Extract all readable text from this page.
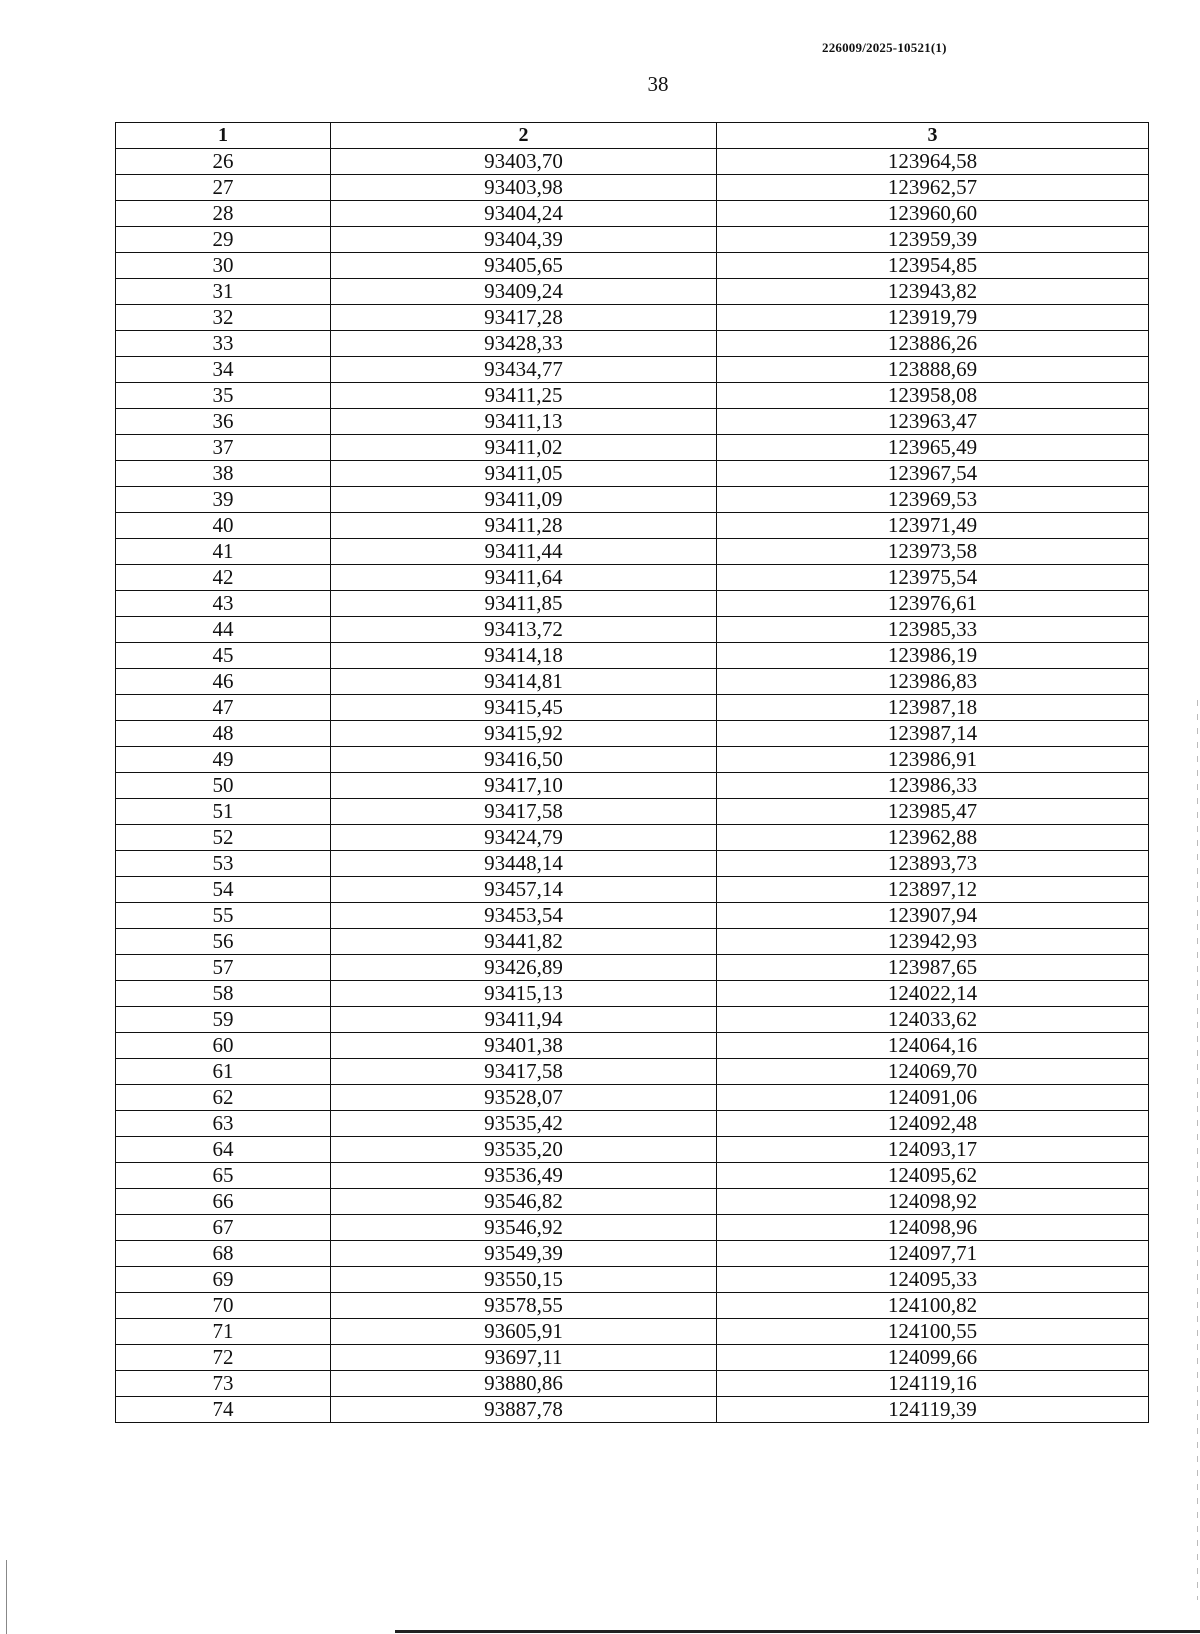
226009/2025-10521(1)
38
1	2	3
26	93403,70	123964,58
27	93403,98	123962,57
28	93404,24	123960,60
29	93404,39	123959,39
30	93405,65	123954,85
31	93409,24	123943,82
32	93417,28	123919,79
33	93428,33	123886,26
34	93434,77	123888,69
35	93411,25	123958,08
36	93411,13	123963,47
37	93411,02	123965,49
38	93411,05	123967,54
39	93411,09	123969,53
40	93411,28	123971,49
41	93411,44	123973,58
42	93411,64	123975,54
43	93411,85	123976,61
44	93413,72	123985,33
45	93414,18	123986,19
46	93414,81	123986,83
47	93415,45	123987,18
48	93415,92	123987,14
49	93416,50	123986,91
50	93417,10	123986,33
51	93417,58	123985,47
52	93424,79	123962,88
53	93448,14	123893,73
54	93457,14	123897,12
55	93453,54	123907,94
56	93441,82	123942,93
57	93426,89	123987,65
58	93415,13	124022,14
59	93411,94	124033,62
60	93401,38	124064,16
61	93417,58	124069,70
62	93528,07	124091,06
63	93535,42	124092,48
64	93535,20	124093,17
65	93536,49	124095,62
66	93546,82	124098,92
67	93546,92	124098,96
68	93549,39	124097,71
69	93550,15	124095,33
70	93578,55	124100,82
71	93605,91	124100,55
72	93697,11	124099,66
73	93880,86	124119,16
74	93887,78	124119,39
